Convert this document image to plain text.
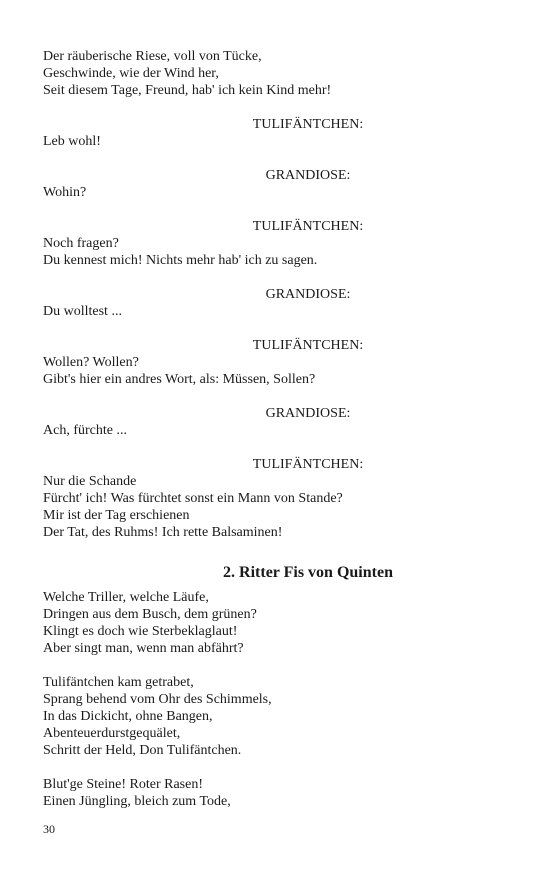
Der räuberische Riese, voll von Tücke,
Geschwinde, wie der Wind her,
Seit diesem Tage, Freund, hab' ich kein Kind mehr!
TULIFÄNTCHEN:
Leb wohl!
GRANDIOSE:
Wohin?
TULIFÄNTCHEN:
Noch fragen?
Du kennest mich! Nichts mehr hab' ich zu sagen.
GRANDIOSE:
Du wolltest ...
TULIFÄNTCHEN:
Wollen? Wollen?
Gibt's hier ein andres Wort, als: Müssen, Sollen?
GRANDIOSE:
Ach, fürchte ...
TULIFÄNTCHEN:
Nur die Schande
Fürcht' ich! Was fürchtet sonst ein Mann von Stande?
Mir ist der Tag erschienen
Der Tat, des Ruhms! Ich rette Balsaminen!
2. Ritter Fis von Quinten
Welche Triller, welche Läufe,
Dringen aus dem Busch, dem grünen?
Klingt es doch wie Sterbeklaglaut!
Aber singt man, wenn man abfährt?
Tulifäntchen kam getrabet,
Sprang behend vom Ohr des Schimmels,
In das Dickicht, ohne Bangen,
Abenteuerdurstgequälet,
Schritt der Held, Don Tulifäntchen.
Blut'ge Steine! Roter Rasen!
Einen Jüngling, bleich zum Tode,
30
